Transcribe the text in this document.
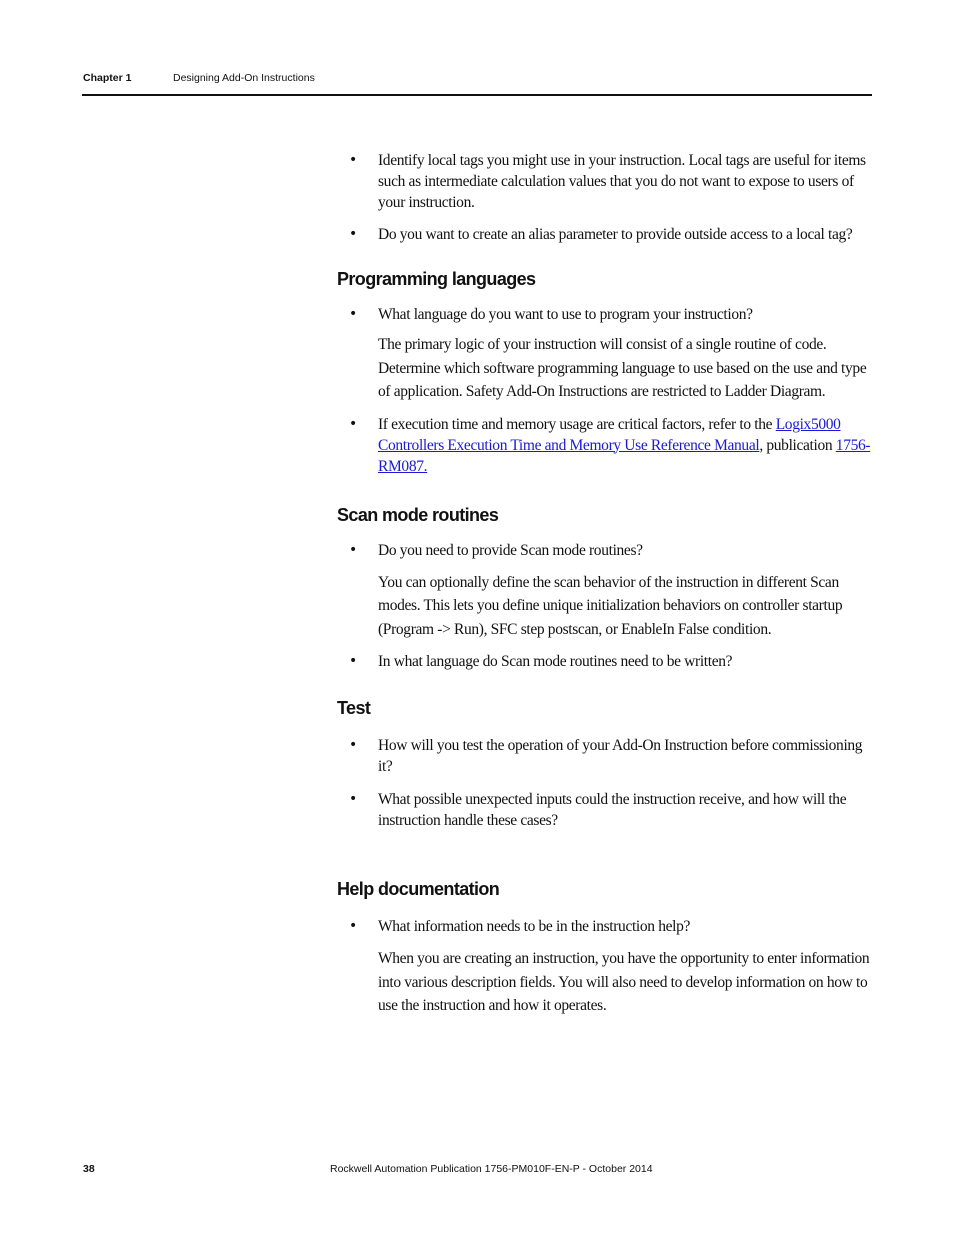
Chapter 1	Designing Add-On Instructions
• Identify local tags you might use in your instruction. Local tags are useful for items such as intermediate calculation values that you do not want to expose to users of your instruction.
• Do you want to create an alias parameter to provide outside access to a local tag?
Programming languages
• What language do you want to use to program your instruction?

The primary logic of your instruction will consist of a single routine of code. Determine which software programming language to use based on the use and type of application. Safety Add-On Instructions are restricted to Ladder Diagram.

• If execution time and memory usage are critical factors, refer to the Logix5000 Controllers Execution Time and Memory Use Reference Manual, publication 1756-RM087.
Scan mode routines
• Do you need to provide Scan mode routines?

You can optionally define the scan behavior of the instruction in different Scan modes. This lets you define unique initialization behaviors on controller startup (Program -> Run), SFC step postscan, or EnableIn False condition.

• In what language do Scan mode routines need to be written?
Test
• How will you test the operation of your Add-On Instruction before commissioning it?
• What possible unexpected inputs could the instruction receive, and how will the instruction handle these cases?
Help documentation
• What information needs to be in the instruction help?

When you are creating an instruction, you have the opportunity to enter information into various description fields. You will also need to develop information on how to use the instruction and how it operates.

38	Rockwell Automation Publication 1756-PM010F-EN-P - October 2014
